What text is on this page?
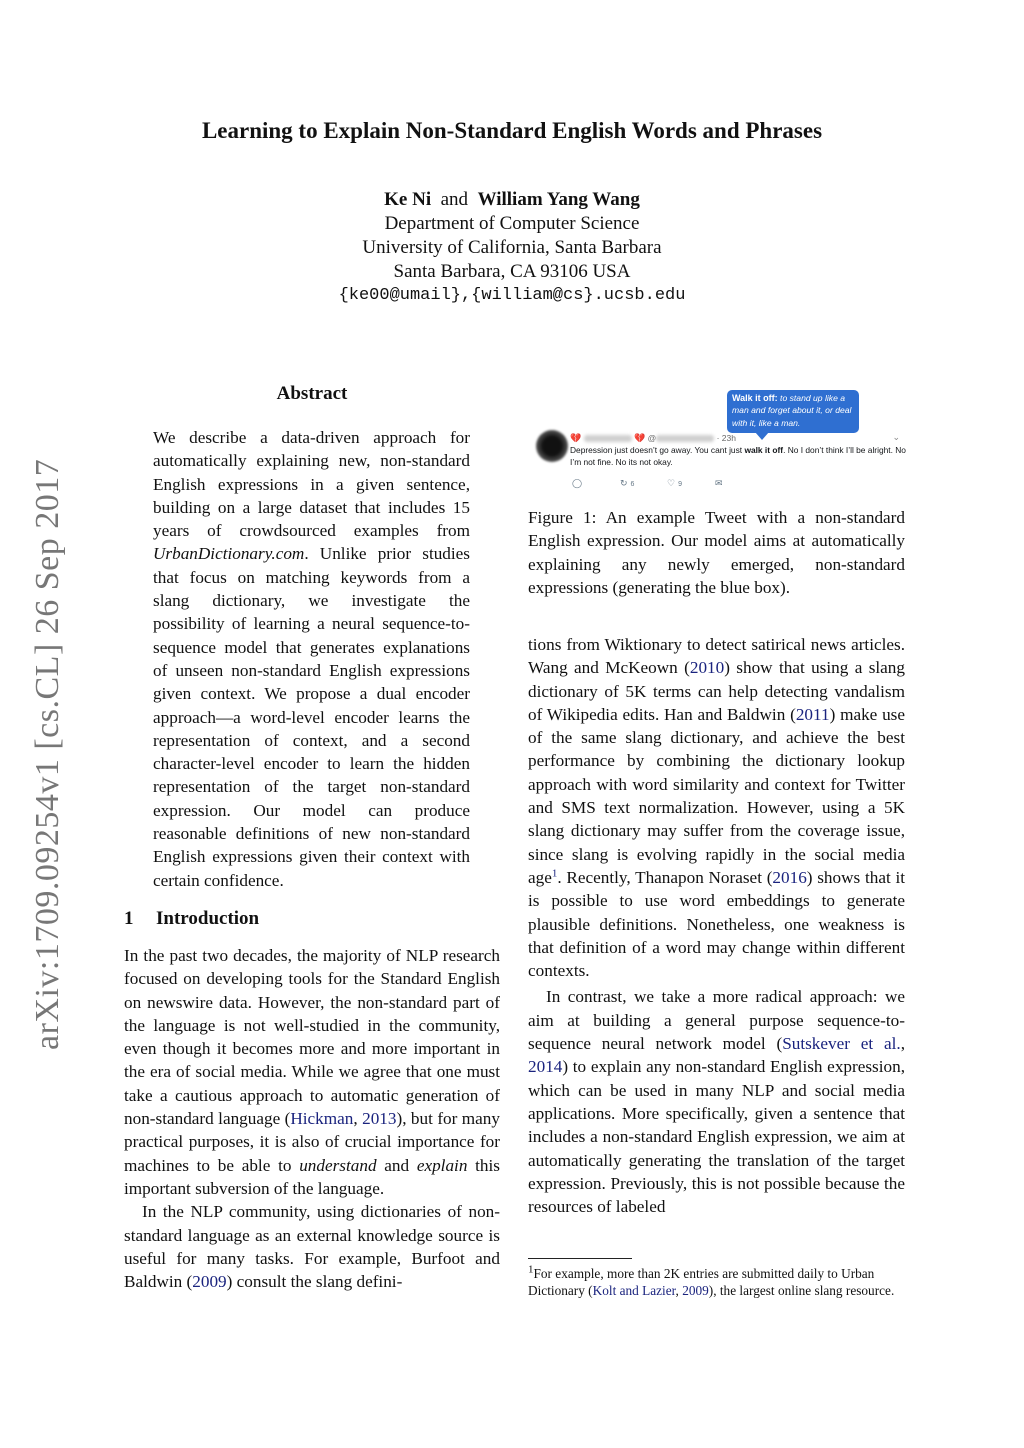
Learning to Explain Non-Standard English Words and Phrases
Ke Ni and William Yang Wang
Department of Computer Science
University of California, Santa Barbara
Santa Barbara, CA 93106 USA
{ke00@umail},{william@cs}.ucsb.edu
arXiv:1709.09254v1 [cs.CL] 26 Sep 2017
Abstract

We describe a data-driven approach for automatically explaining new, non-standard English expressions in a given sentence, building on a large dataset that includes 15 years of crowdsourced examples from UrbanDictionary.com. Unlike prior studies that focus on matching keywords from a slang dictionary, we investigate the possibility of learning a neural sequence-to-sequence model that generates explanations of unseen non-standard English expressions given context. We propose a dual encoder approach—a word-level encoder learns the representation of context, and a second character-level encoder to learn the hidden representation of the target non-standard expression. Our model can produce reasonable definitions of new non-standard English expressions given their context with certain confidence.

1 Introduction

In the past two decades, the majority of NLP research focused on developing tools for the Standard English on newswire data. However, the non-standard part of the language is not well-studied in the community, even though it becomes more and more important in the era of social media. While we agree that one must take a cautious approach to automatic generation of non-standard language (Hickman, 2013), but for many practical purposes, it is also of crucial importance for machines to be able to understand and explain this important subversion of the language.

In the NLP community, using dictionaries of non-standard language as an external knowledge source is useful for many tasks. For example, Burfoot and Baldwin (2009) consult the slang defini-

Walk it off: to stand up like a man and forget about it, or deal with it, like a man.
💔	💔 @	· 23h	⌄
Depression just doesn’t go away. You cant just walk it off. No I don’t think I’ll be alright. No I’m not fine. No its not okay.
◯	↻ 6	♡ 9	✉
Figure 1: An example Tweet with a non-standard English expression. Our model aims at automatically explaining any newly emerged, non-standard expressions (generating the blue box).

tions from Wiktionary to detect satirical news articles. Wang and McKeown (2010) show that using a slang dictionary of 5K terms can help detecting vandalism of Wikipedia edits. Han and Baldwin (2011) make use of the same slang dictionary, and achieve the best performance by combining the dictionary lookup approach with word similarity and context for Twitter and SMS text normalization. However, using a 5K slang dictionary may suffer from the coverage issue, since slang is evolving rapidly in the social media age$^1$. Recently, Thanapon Noraset (2016) shows that it is possible to use word embeddings to generate plausible definitions. Nonetheless, one weakness is that definition of a word may change within different contexts.

In contrast, we take a more radical approach: we aim at building a general purpose sequence-to-sequence neural network model (Sutskever et al., 2014) to explain any non-standard English expression, which can be used in many NLP and social media applications. More specifically, given a sentence that includes a non-standard English expression, we aim at automatically generating the translation of the target expression. Previously, this is not possible because the resources of labeled

$^1$For example, more than 2K entries are submitted daily to Urban Dictionary (Kolt and Lazier, 2009), the largest online slang resource.
